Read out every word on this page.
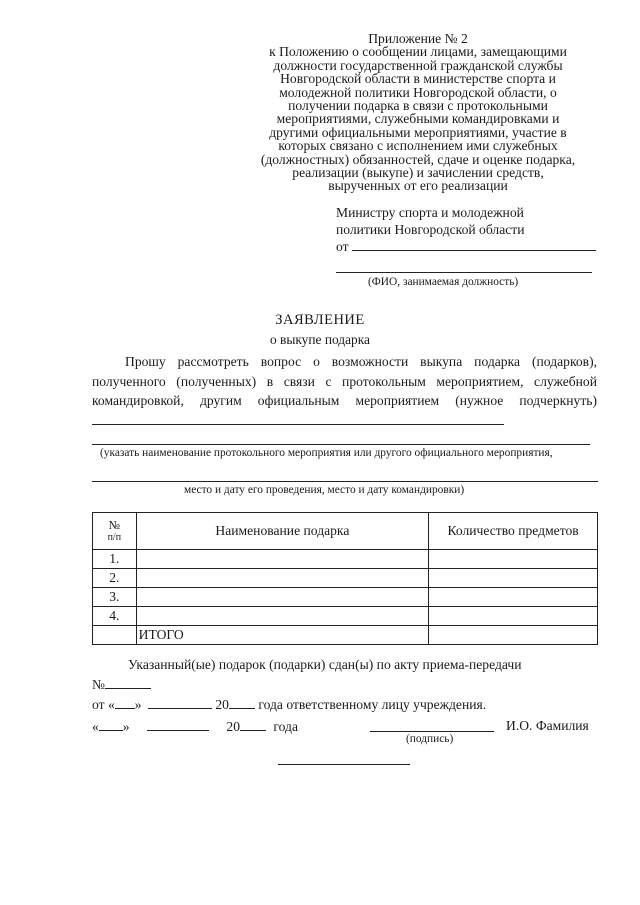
Приложение № 2
к Положению о сообщении лицами, замещающими
должности государственной гражданской службы
Новгородской области в министерстве спорта и
молодежной политики Новгородской области, о
получении подарка в связи с протокольными
мероприятиями, служебными командировками и
другими официальными мероприятиями, участие в
которых связано с исполнением ими служебных
(должностных) обязанностей, сдаче и оценке подарка,
реализации (выкупе) и зачислении средств,
вырученных от его реализации
Министру спорта и молодежной
политики Новгородской области
от
(ФИО, занимаемая должность)
ЗАЯВЛЕНИЕ
о выкупе подарка
Прошу рассмотреть вопрос о возможности выкупа подарка (подарков), полученного (полученных) в связи с протокольным мероприятием, служебной командировкой, другим официальным мероприятием (нужное подчеркнуть)
(указать наименование протокольного мероприятия или другого официального мероприятия,
место и дату его проведения, место и дату командировки)
№
п/п	Наименование подарка	Количество предметов
1.		
2.		
3.		
4.		
	ИТОГО	
Указанный(ые) подарок (подарки) сдан(ы) по акту приема-передачи
№
от « »	20 года ответственному лицу учреждения.
« »	20 года	И.О. Фамилия
(подпись)
